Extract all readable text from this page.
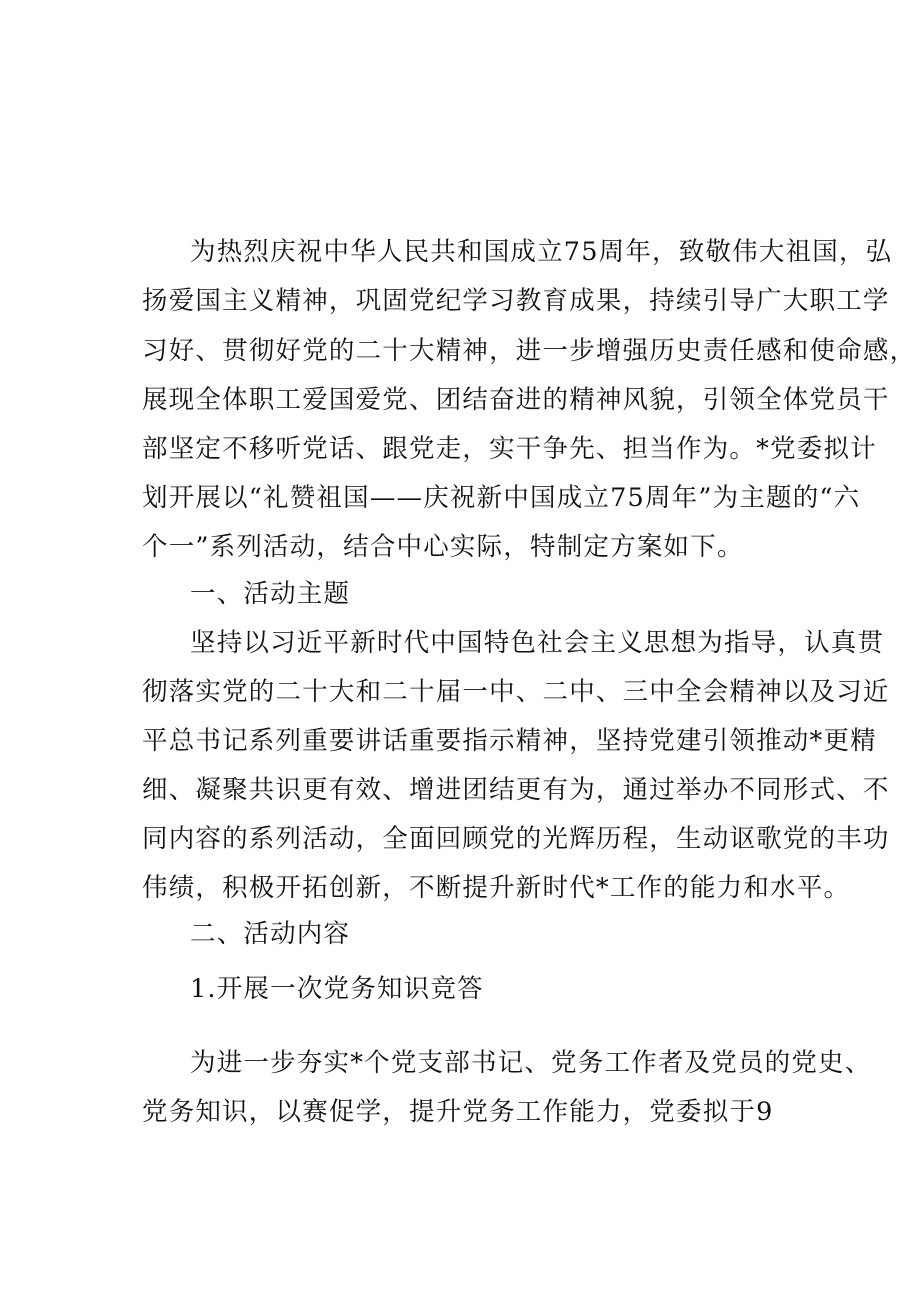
为热烈庆祝中华人民共和国成立75周年，致敬伟大祖国，弘
扬爱国主义精神，巩固党纪学习教育成果，持续引导广大职工学
习好、贯彻好党的二十大精神，进一步增强历史责任感和使命感，
展现全体职工爱国爱党、团结奋进的精神风貌，引领全体党员干
部坚定不移听党话、跟党走，实干争先、担当作为。*党委拟计
划开展以“礼赞祖国——庆祝新中国成立75周年”为主题的“六
个一”系列活动，结合中心实际，特制定方案如下。
一、活动主题
坚持以习近平新时代中国特色社会主义思想为指导，认真贯
彻落实党的二十大和二十届一中、二中、三中全会精神以及习近
平总书记系列重要讲话重要指示精神，坚持党建引领推动*更精
细、凝聚共识更有效、增进团结更有为，通过举办不同形式、不
同内容的系列活动，全面回顾党的光辉历程，生动讴歌党的丰功
伟绩，积极开拓创新，不断提升新时代*工作的能力和水平。
二、活动内容
1.开展一次党务知识竞答
为进一步夯实*个党支部书记、党务工作者及党员的党史、
党务知识，以赛促学，提升党务工作能力，党委拟于9
